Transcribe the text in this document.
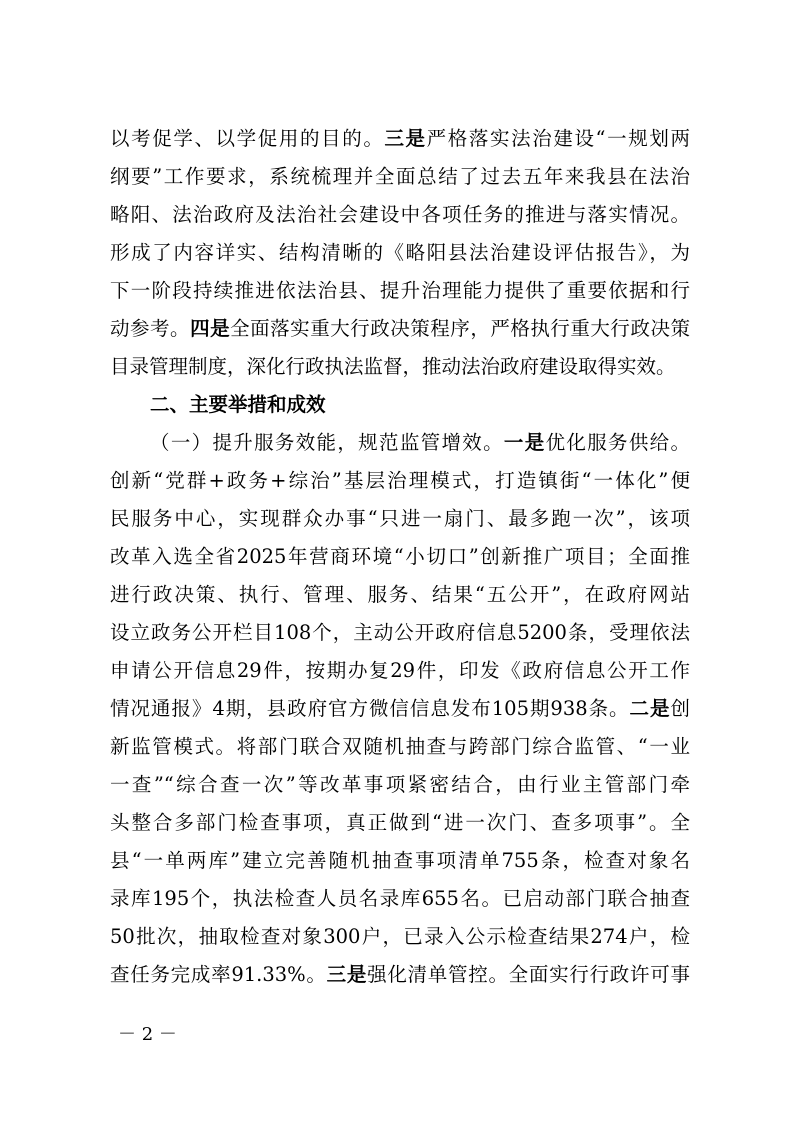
以考促学、以学促用的目的。三是严格落实法治建设“一规划两
纲要”工作要求，系统梳理并全面总结了过去五年来我县在法治
略阳、法治政府及法治社会建设中各项任务的推进与落实情况。
形成了内容详实、结构清晰的《略阳县法治建设评估报告》，为
下一阶段持续推进依法治县、提升治理能力提供了重要依据和行
动参考。四是全面落实重大行政决策程序，严格执行重大行政决策
目录管理制度，深化行政执法监督，推动法治政府建设取得实效。
二、主要举措和成效
（一）提升服务效能，规范监管增效。一是优化服务供给。
创新“党群+政务+综治”基层治理模式，打造镇街“一体化”便
民服务中心，实现群众办事“只进一扇门、最多跑一次”，该项
改革入选全省2025年营商环境“小切口”创新推广项目；全面推
进行政决策、执行、管理、服务、结果“五公开”，在政府网站
设立政务公开栏目108个，主动公开政府信息5200条，受理依法
申请公开信息29件，按期办复29件，印发《政府信息公开工作
情况通报》4期，县政府官方微信信息发布105期938条。二是创
新监管模式。将部门联合双随机抽查与跨部门综合监管、“一业
一查”“综合查一次”等改革事项紧密结合，由行业主管部门牵
头整合多部门检查事项，真正做到“进一次门、查多项事”。全
县“一单两库”建立完善随机抽查事项清单755条，检查对象名
录库195个，执法检查人员名录库655名。已启动部门联合抽查
50批次，抽取检查对象300户，已录入公示检查结果274户，检
查任务完成率91.33%。三是强化清单管控。全面实行行政许可事
－ 2 －
